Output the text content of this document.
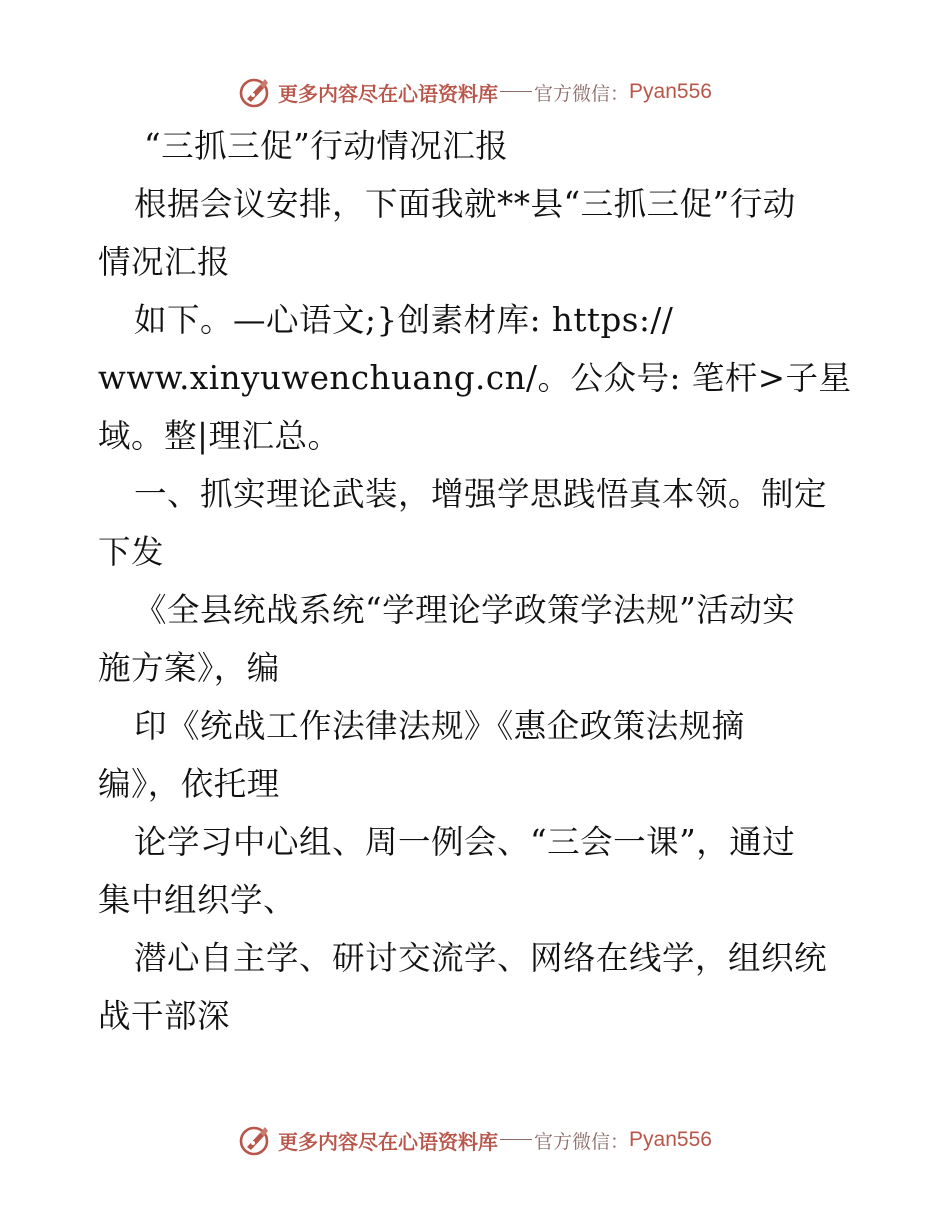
更多内容尽在心语资料库 官方微信： Pyan556
“三抓三促”行动情况汇报
根据会议安排，下面我就**县“三抓三促”行动
情况汇报
如下。—心语文;}创素材库: https://
www.xinyuwenchuang.cn/。公众号: 笔杆>子星
域。整|理汇总。
一、抓实理论武装，增强学思践悟真本领。制定
下发
《全县统战系统“学理论学政策学法规”活动实
施方案》，编
印《统战工作法律法规》《惠企政策法规摘
编》，依托理
论学习中心组、周一例会、“三会一课”，通过
集中组织学、
潜心自主学、研讨交流学、网络在线学，组织统
战干部深
更多内容尽在心语资料库 官方微信： Pyan556
